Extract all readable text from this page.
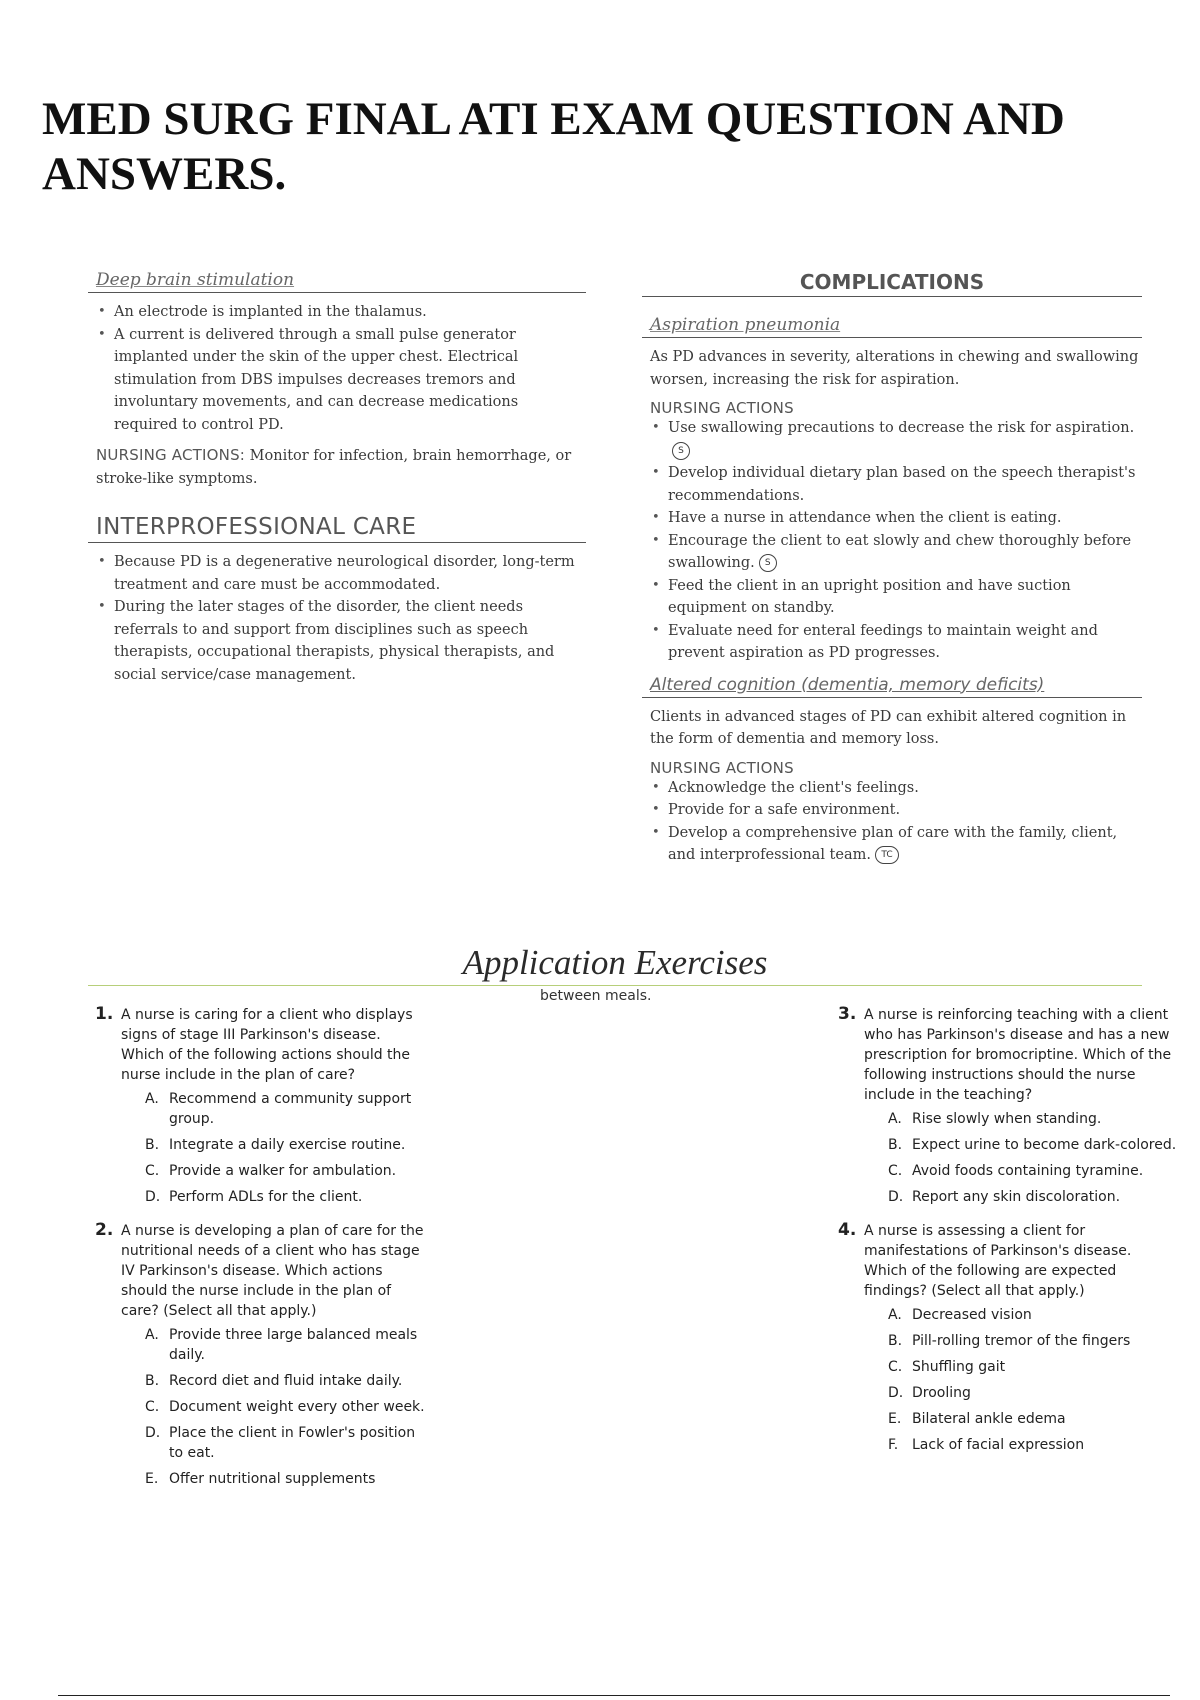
MED SURG FINAL ATI EXAM QUESTION AND ANSWERS.
Deep brain stimulation
• An electrode is implanted in the thalamus.
• A current is delivered through a small pulse generator implanted under the skin of the upper chest. Electrical stimulation from DBS impulses decreases tremors and involuntary movements, and can decrease medications required to control PD.

NURSING ACTIONS: Monitor for infection, brain hemorrhage, or stroke-like symptoms.

INTERPROFESSIONAL CARE
• Because PD is a degenerative neurological disorder, long-term treatment and care must be accommodated.
• During the later stages of the disorder, the client needs referrals to and support from disciplines such as speech therapists, occupational therapists, physical therapists, and social service/case management.
COMPLICATIONS
Aspiration pneumonia

As PD advances in severity, alterations in chewing and swallowing worsen, increasing the risk for aspiration.

NURSING ACTIONS
• Use swallowing precautions to decrease the risk for aspiration.S
• Develop individual dietary plan based on the speech therapist's recommendations.
• Have a nurse in attendance when the client is eating.
• Encourage the client to eat slowly and chew thoroughly before swallowing. S
• Feed the client in an upright position and have suction equipment on standby.
• Evaluate need for enteral feedings to maintain weight and prevent aspiration as PD progresses.
Altered cognition (dementia, memory deficits)

Clients in advanced stages of PD can exhibit altered cognition in the form of dementia and memory loss.

NURSING ACTIONS
• Acknowledge the client's feelings.
• Provide for a safe environment.
• Develop a comprehensive plan of care with the family, client, and interprofessional team. TC
Application Exercises
between meals.
1. A nurse is caring for a client who displays signs of stage III Parkinson's disease. Which of the following actions should the nurse include in the plan of care?
A. Recommend a community support group.
B. Integrate a daily exercise routine.
C. Provide a walker for ambulation.
D. Perform ADLs for the client.
2. A nurse is developing a plan of care for the nutritional needs of a client who has stage IV Parkinson's disease. Which actions should the nurse include in the plan of care? (Select all that apply.)
A. Provide three large balanced meals daily.
B. Record diet and fluid intake daily.
C. Document weight every other week.
D. Place the client in Fowler's position to eat.
E. Offer nutritional supplements
3. A nurse is reinforcing teaching with a client who has Parkinson's disease and has a new prescription for bromocriptine. Which of the following instructions should the nurse include in the teaching?
A. Rise slowly when standing.
B. Expect urine to become dark-colored.
C. Avoid foods containing tyramine.
D. Report any skin discoloration.
4. A nurse is assessing a client for manifestations of Parkinson's disease. Which of the following are expected findings? (Select all that apply.)
A. Decreased vision
B. Pill-rolling tremor of the fingers
C. Shuffling gait
D. Drooling
E. Bilateral ankle edema
F. Lack of facial expression
